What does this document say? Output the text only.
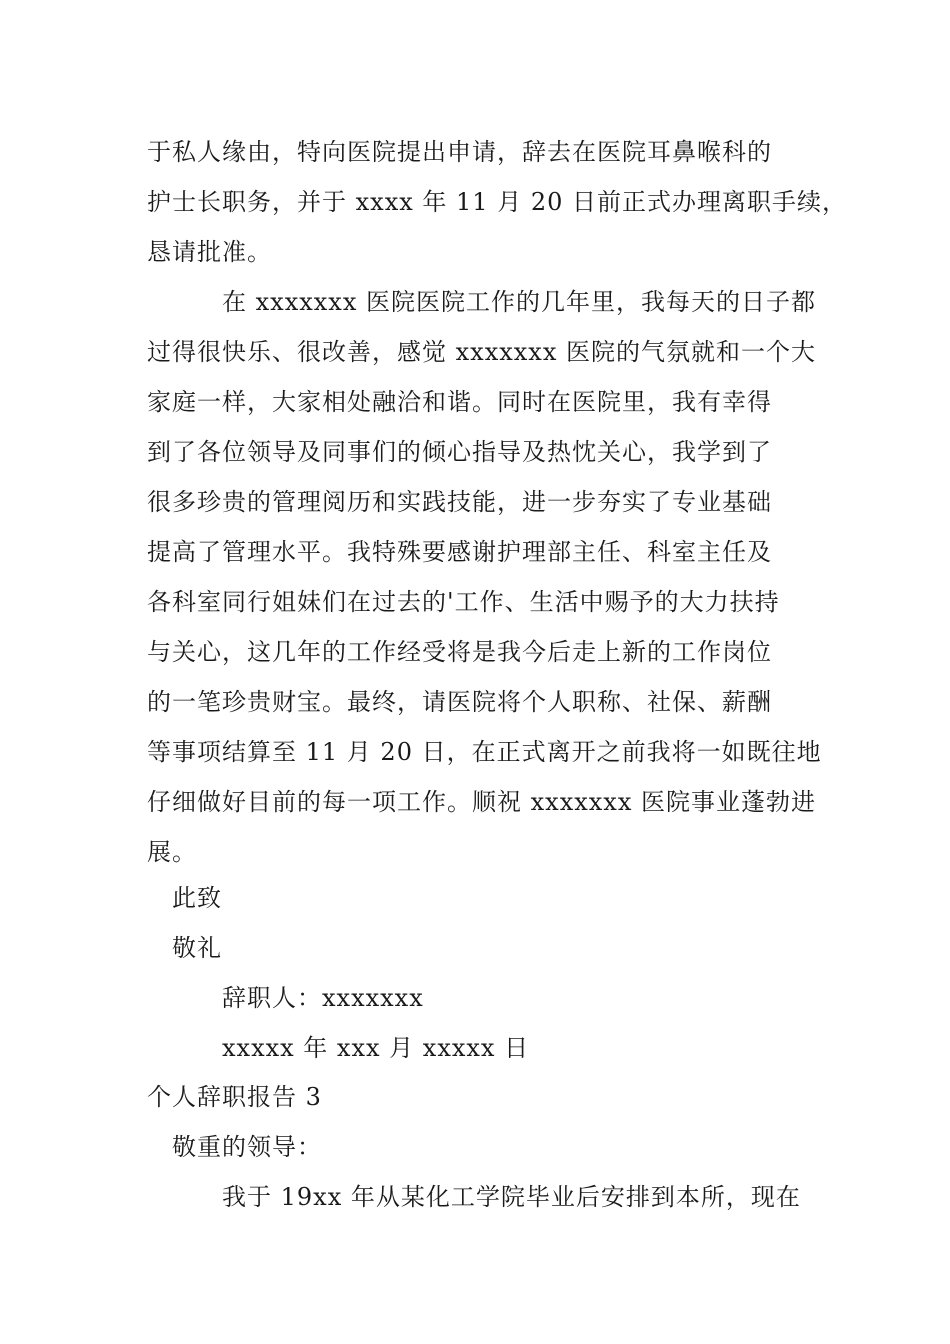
于私人缘由，特向医院提出申请，辞去在医院耳鼻喉科的
护士长职务，并于 xxxx 年 11 月 20 日前正式办理离职手续，
恳请批准。
在 xxxxxxx 医院医院工作的几年里，我每天的日子都
过得很快乐、很改善，感觉 xxxxxxx 医院的气氛就和一个大
家庭一样，大家相处融洽和谐。同时在医院里，我有幸得
到了各位领导及同事们的倾心指导及热忱关心，我学到了
很多珍贵的管理阅历和实践技能，进一步夯实了专业基础
提高了管理水平。我特殊要感谢护理部主任、科室主任及
各科室同行姐妹们在过去的'工作、生活中赐予的大力扶持
与关心，这几年的工作经受将是我今后走上新的工作岗位
的一笔珍贵财宝。最终，请医院将个人职称、社保、薪酬
等事项结算至 11 月 20 日，在正式离开之前我将一如既往地
仔细做好目前的每一项工作。顺祝 xxxxxxx 医院事业蓬勃进
展。
此致
敬礼
辞职人：xxxxxxx
xxxxx 年 xxx 月 xxxxx 日
个人辞职报告 3
敬重的领导：
我于 19xx 年从某化工学院毕业后安排到本所，现在
